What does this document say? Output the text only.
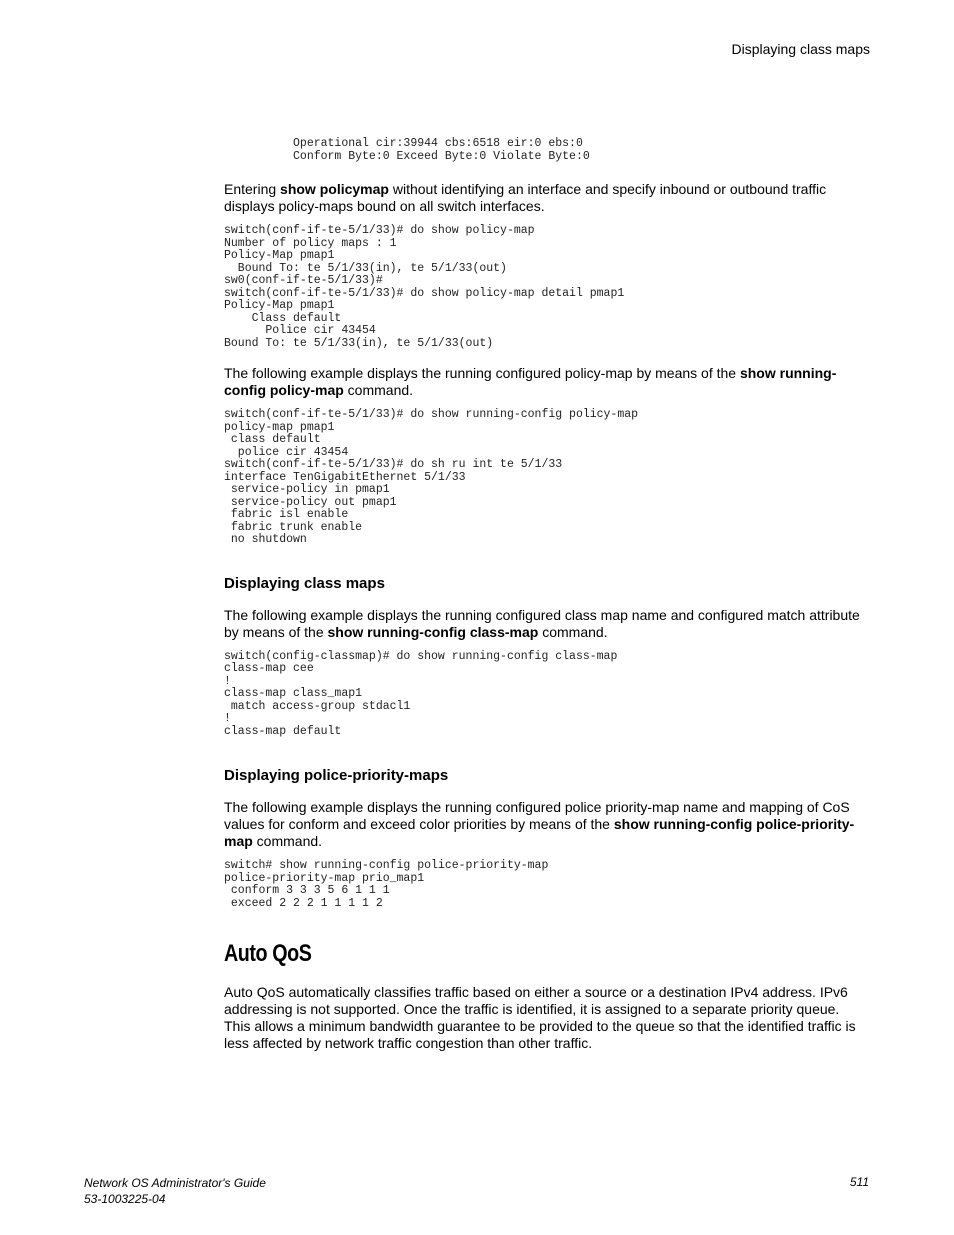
Displaying class maps
Operational cir:39944 cbs:6518 eir:0 ebs:0
Conform Byte:0 Exceed Byte:0 Violate Byte:0

Entering show policymap without identifying an interface and specify inbound or outbound traffic displays policy-maps bound on all switch interfaces.

switch(conf-if-te-5/1/33)# do show policy-map
Number of policy maps : 1
Policy-Map pmap1
Bound To: te 5/1/33(in), te 5/1/33(out)
sw0(conf-if-te-5/1/33)#
switch(conf-if-te-5/1/33)# do show policy-map detail pmap1
Policy-Map pmap1
Class default
Police cir 43454
Bound To: te 5/1/33(in), te 5/1/33(out)

The following example displays the running configured policy-map by means of the show running-config policy-map command.

switch(conf-if-te-5/1/33)# do show running-config policy-map
policy-map pmap1
class default
police cir 43454
switch(conf-if-te-5/1/33)# do sh ru int te 5/1/33
interface TenGigabitEthernet 5/1/33
service-policy in pmap1
service-policy out pmap1
fabric isl enable
fabric trunk enable
no shutdown
Displaying class maps

The following example displays the running configured class map name and configured match attribute by means of the show running-config class-map command.

switch(config-classmap)# do show running-config class-map
class-map cee
!
class-map class_map1
match access-group stdacl1
!
class-map default
Displaying police-priority-maps

The following example displays the running configured police priority-map name and mapping of CoS values for conform and exceed color priorities by means of the show running-config police-priority-map command.

switch# show running-config police-priority-map
police-priority-map prio_map1
conform 3 3 3 5 6 1 1 1
exceed 2 2 2 1 1 1 1 2
Auto QoS

Auto QoS automatically classifies traffic based on either a source or a destination IPv4 address. IPv6 addressing is not supported. Once the traffic is identified, it is assigned to a separate priority queue. This allows a minimum bandwidth guarantee to be provided to the queue so that the identified traffic is less affected by network traffic congestion than other traffic.

Network OS Administrator's Guide
53-1003225-04
511
